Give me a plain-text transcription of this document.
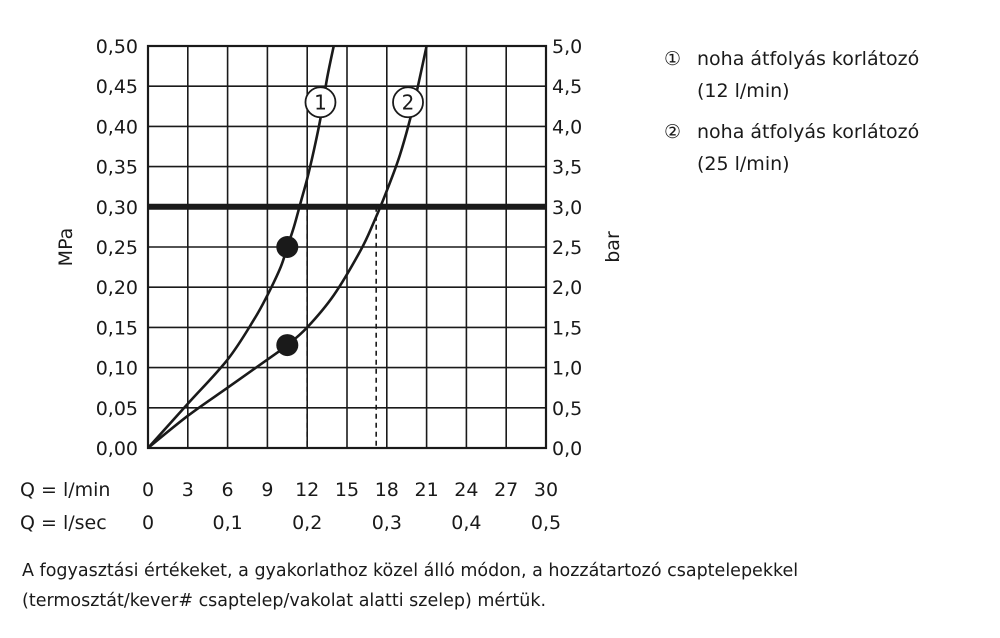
1	2
0,00
0,05
0,10
0,15
0,20
0,25
0,30
0,35
0,40
0,45
0,50
0,0
0,5
1,0
1,5
2,0
2,5
3,0
3,5
4,0
4,5
5,0
0 3 6 9 12 15 18 21 24 27 30
0	0,1	0,2	0,3	0,4	0,5
MPa	bar
Q = l/min
Q = l/sec
① noha átfolyás korlátozó
(12 l/min)
② noha átfolyás korlátozó
(25 l/min)
A fogyasztási értékeket, a gyakorlathoz közel álló módon, a hozzátartozó csaptelepekkel
(termosztát/kever# csaptelep/vakolat alatti szelep) mértük.
